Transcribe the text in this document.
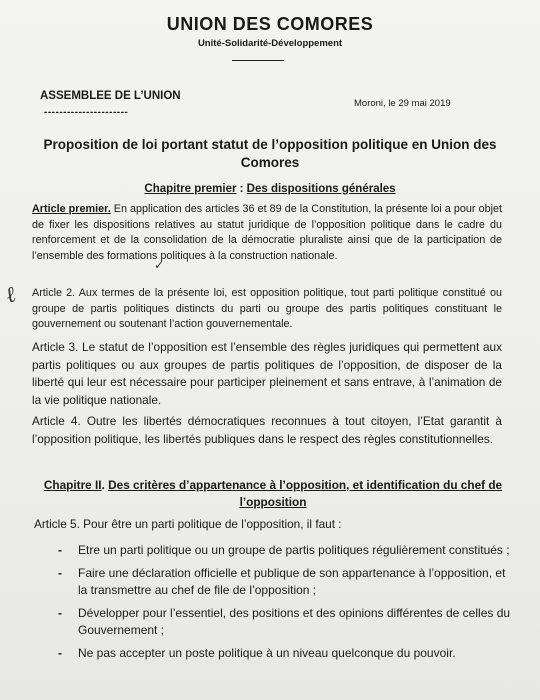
UNION DES COMORES
Unité-Solidarité-Développement
ASSEMBLEE DE L’UNION
----------------------
Moroni, le 29 mai 2019
Proposition de loi portant statut de l’opposition politique en Union des Comores
Chapitre premier : Des dispositions générales
Article premier. En application des articles 36 et 89 de la Constitution, la présente loi a pour objet de fixer les dispositions relatives au statut juridique de l’opposition politique dans le cadre du renforcement et de la consolidation de la démocratie pluraliste ainsi que de la participation de l’ensemble des formations politiques à la construction nationale.
Article 2. Aux termes de la présente loi, est opposition politique, tout parti politique constitué ou groupe de partis politiques distincts du parti ou groupe des partis politiques constituant le gouvernement ou soutenant l’action gouvernementale.
Article 3. Le statut de l’opposition est l’ensemble des règles juridiques qui permettent aux partis politiques ou aux groupes de partis politiques de l’opposition, de disposer de la liberté qui leur est nécessaire pour participer pleinement et sans entrave, à l’animation de la vie politique nationale.
Article 4. Outre les libertés démocratiques reconnues à tout citoyen, l’Etat garantit à l’opposition politique, les libertés publiques dans le respect des règles constitutionnelles.
Chapitre II. Des critères d’appartenance à l’opposition, et identification du chef de l’opposition
Article 5. Pour être un parti politique de l’opposition, il faut :
- Etre un parti politique ou un groupe de partis politiques régulièrement constitués ;
- Faire une déclaration officielle et publique de son appartenance à l’opposition, et la transmettre au chef de file de l’opposition ;
- Développer pour l’essentiel, des positions et des opinions différentes de celles du Gouvernement ;
- Ne pas accepter un poste politique à un niveau quelconque du pouvoir.
ℓ
✓
